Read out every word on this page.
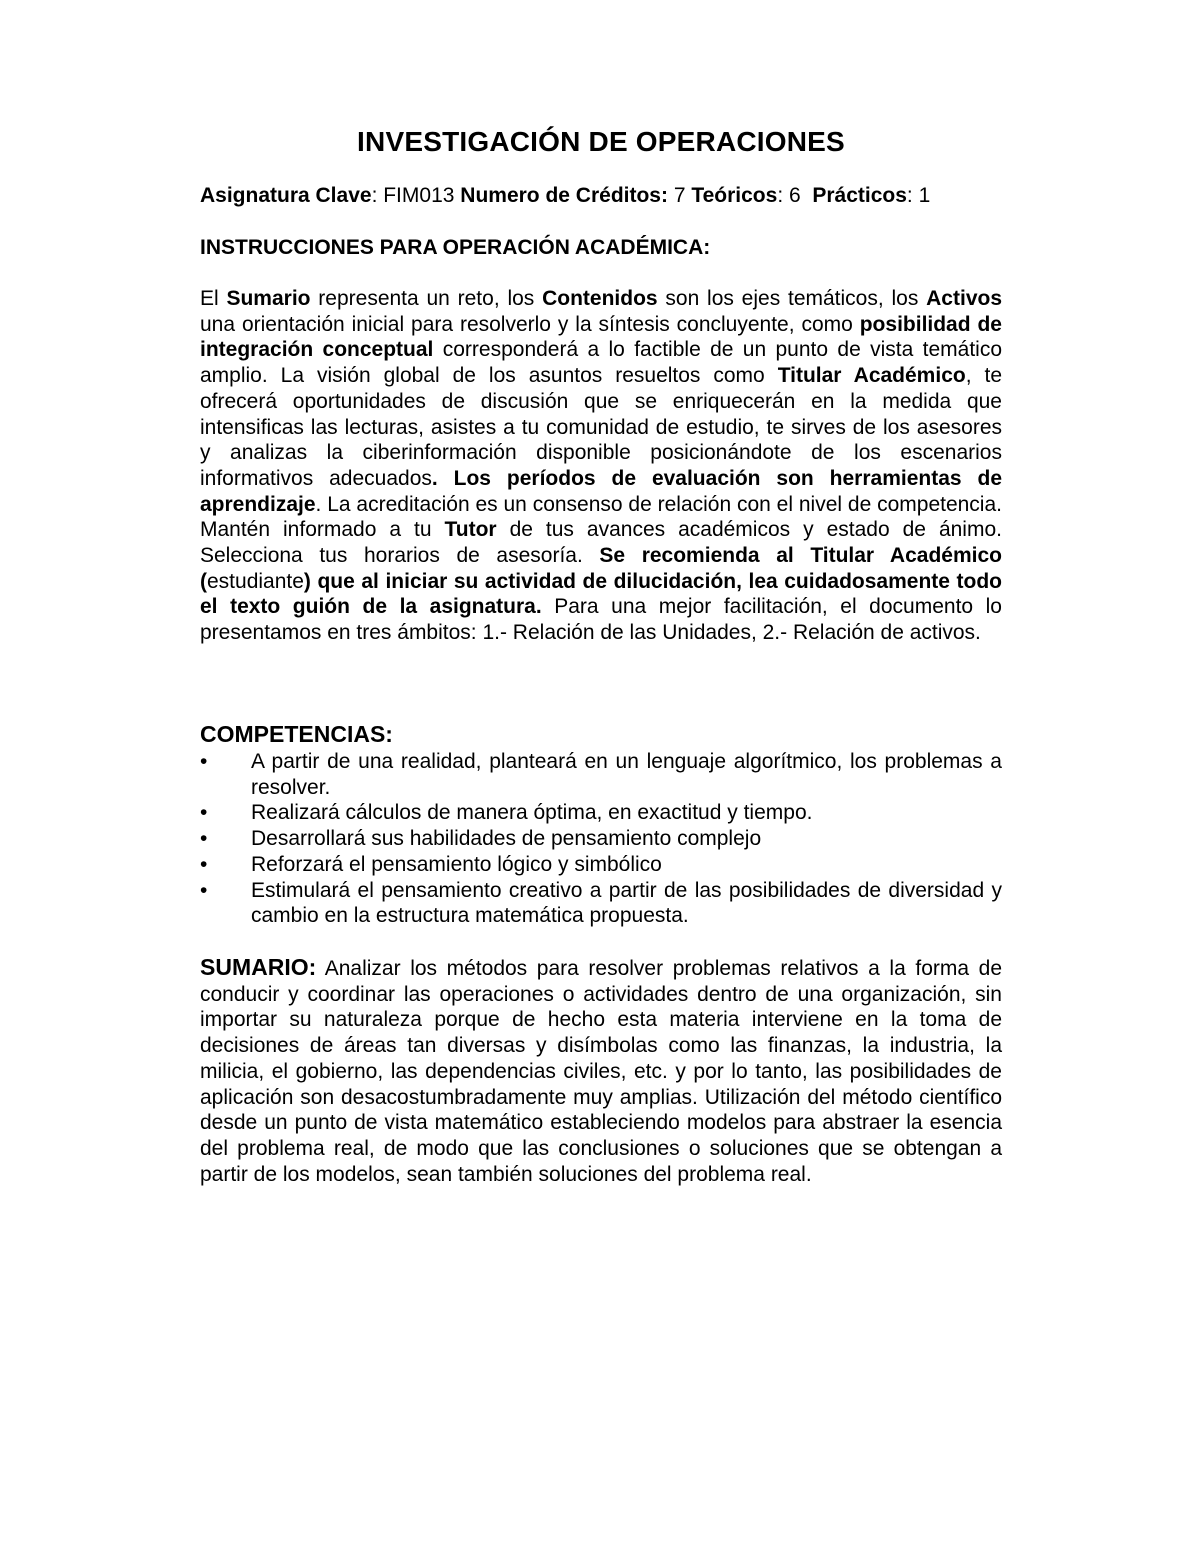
INVESTIGACIÓN DE OPERACIONES
Asignatura Clave: FIM013 Numero de Créditos: 7 Teóricos: 6  Prácticos: 1
INSTRUCCIONES PARA OPERACIÓN ACADÉMICA:
El Sumario representa un reto, los Contenidos son los ejes temáticos, los Activos una orientación inicial para resolverlo y la síntesis concluyente, como posibilidad de integración conceptual corresponderá a lo factible de un punto de vista temático amplio. La visión global de los asuntos resueltos como Titular Académico, te ofrecerá oportunidades de discusión que se enriquecerán en la medida que intensificas las lecturas, asistes a tu comunidad de estudio, te sirves de los asesores y analizas la ciberinformación disponible posicionándote de los escenarios informativos adecuados. Los períodos de evaluación son herramientas de aprendizaje. La acreditación es un consenso de relación con el nivel de competencia. Mantén informado a tu Tutor de tus avances académicos y estado de ánimo. Selecciona tus horarios de asesoría. Se recomienda al Titular Académico (estudiante) que al iniciar su actividad de dilucidación, lea cuidadosamente todo el texto guión de la asignatura. Para una mejor facilitación, el documento lo presentamos en tres ámbitos: 1.- Relación de las Unidades, 2.- Relación de activos.
COMPETENCIAS:
•	A partir de una realidad, planteará en un lenguaje algorítmico, los problemas a resolver.
•	Realizará cálculos de manera óptima, en exactitud y tiempo.
•	Desarrollará sus habilidades de pensamiento complejo
•	Reforzará el pensamiento lógico y simbólico
•	Estimulará el pensamiento creativo a partir de las posibilidades de diversidad y cambio en la estructura matemática propuesta.
SUMARIO: Analizar los métodos para resolver problemas relativos a la forma de conducir y coordinar las operaciones o actividades dentro de una organización, sin importar su naturaleza porque de hecho esta materia interviene en la toma de decisiones de áreas tan diversas y disímbolas como las finanzas, la industria, la milicia, el gobierno, las dependencias civiles, etc. y por lo tanto, las posibilidades de aplicación son desacostumbradamente muy amplias. Utilización del método científico desde un punto de vista matemático estableciendo modelos para abstraer la esencia del problema real, de modo que las conclusiones o soluciones que se obtengan a partir de los modelos, sean también soluciones del problema real.
